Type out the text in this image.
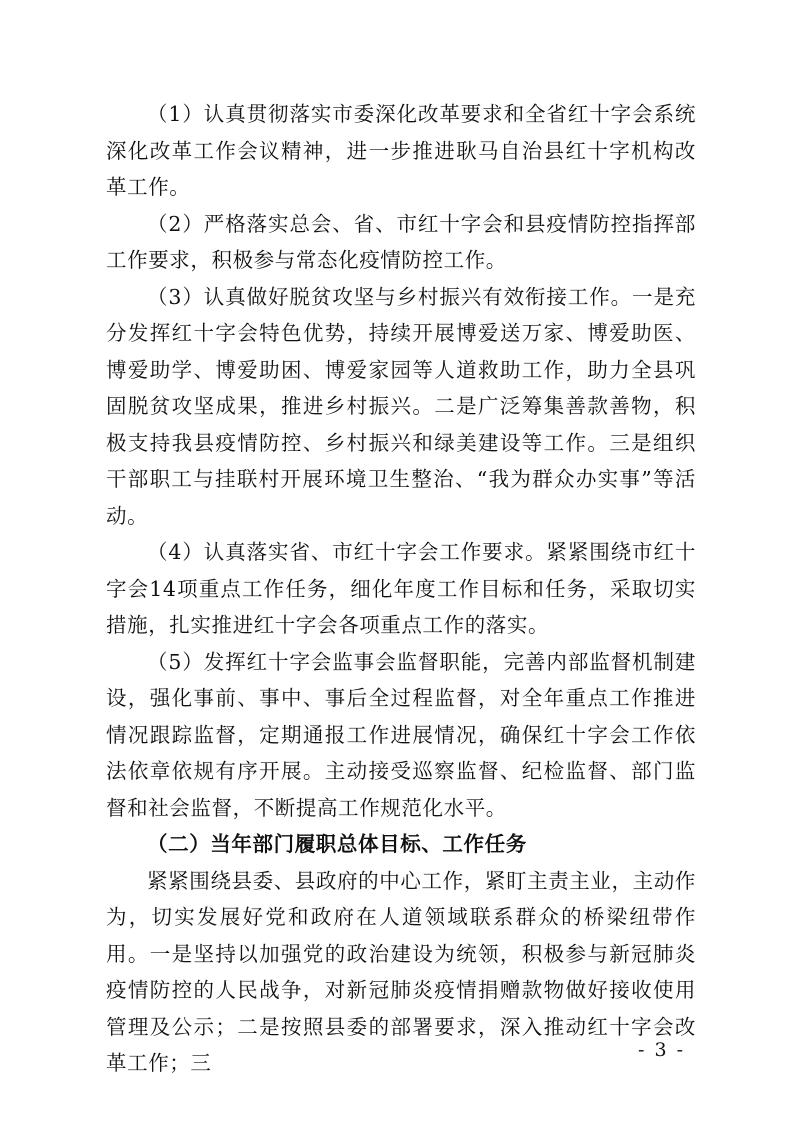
（1）认真贯彻落实市委深化改革要求和全省红十字会系统深化改革工作会议精神，进一步推进耿马自治县红十字机构改革工作。

（2）严格落实总会、省、市红十字会和县疫情防控指挥部工作要求，积极参与常态化疫情防控工作。

（3）认真做好脱贫攻坚与乡村振兴有效衔接工作。一是充分发挥红十字会特色优势，持续开展博爱送万家、博爱助医、博爱助学、博爱助困、博爱家园等人道救助工作，助力全县巩固脱贫攻坚成果，推进乡村振兴。二是广泛筹集善款善物，积极支持我县疫情防控、乡村振兴和绿美建设等工作。三是组织干部职工与挂联村开展环境卫生整治、“我为群众办实事”等活动。

（4）认真落实省、市红十字会工作要求。紧紧围绕市红十字会14项重点工作任务，细化年度工作目标和任务，采取切实措施，扎实推进红十字会各项重点工作的落实。

（5）发挥红十字会监事会监督职能，完善内部监督机制建设，强化事前、事中、事后全过程监督，对全年重点工作推进情况跟踪监督，定期通报工作进展情况，确保红十字会工作依法依章依规有序开展。主动接受巡察监督、纪检监督、部门监督和社会监督，不断提高工作规范化水平。

（二）当年部门履职总体目标、工作任务

紧紧围绕县委、县政府的中心工作，紧盯主责主业，主动作为，切实发展好党和政府在人道领域联系群众的桥梁纽带作用。一是坚持以加强党的政治建设为统领，积极参与新冠肺炎疫情防控的人民战争，对新冠肺炎疫情捐赠款物做好接收使用管理及公示；二是按照县委的部署要求，深入推动红十字会改革工作；三

- 3 -
